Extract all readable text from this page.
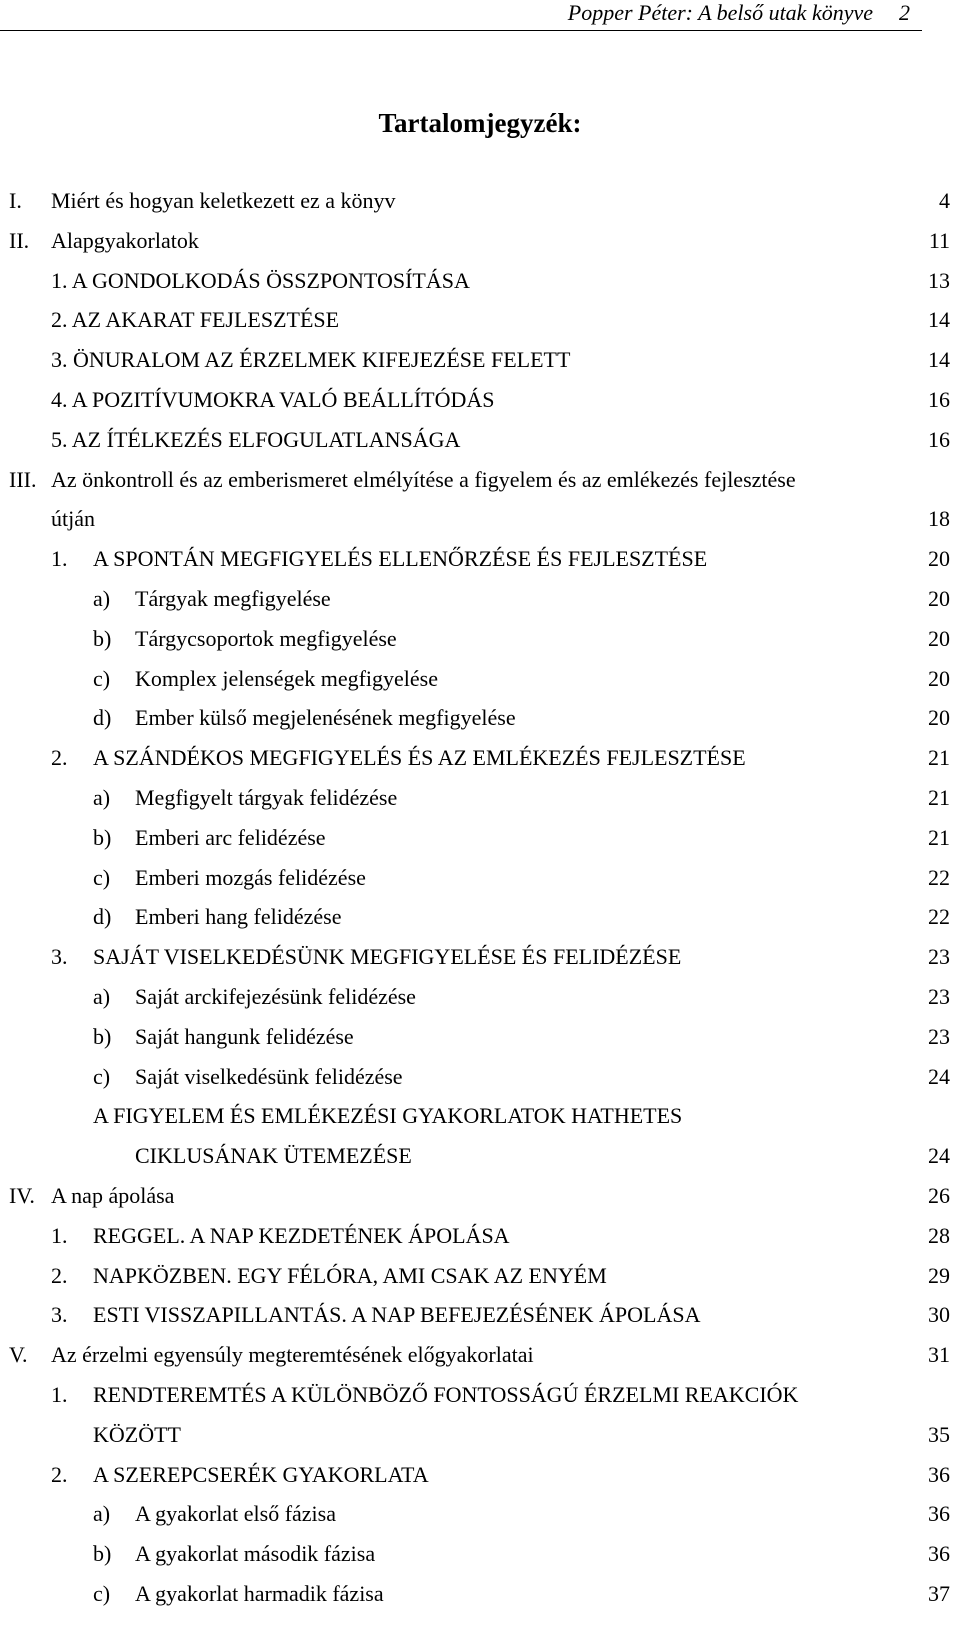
Popper Péter: A belső utak könyve 2
Tartalomjegyzék:
I. Miért és hogyan keletkezett ez a könyv	4
II. Alapgyakorlatok	11
1. A GONDOLKODÁS ÖSSZPONTOSÍTÁSA	13
2. AZ AKARAT FEJLESZTÉSE	14
3. ÖNURALOM AZ ÉRZELMEK KIFEJEZÉSE FELETT	14
4. A POZITÍVUMOKRA VALÓ BEÁLLÍTÓDÁS	16
5. AZ ÍTÉLKEZÉS ELFOGULATLANSÁGA	16
III. Az önkontroll és az emberismeret elmélyítése a figyelem és az emlékezés fejlesztése
útján	18
1. A SPONTÁN MEGFIGYELÉS ELLENŐRZÉSE ÉS FEJLESZTÉSE	20
a) Tárgyak megfigyelése	20
b) Tárgycsoportok megfigyelése	20
c) Komplex jelenségek megfigyelése	20
d) Ember külső megjelenésének megfigyelése	20
2. A SZÁNDÉKOS MEGFIGYELÉS ÉS AZ EMLÉKEZÉS FEJLESZTÉSE	21
a) Megfigyelt tárgyak felidézése	21
b) Emberi arc felidézése	21
c) Emberi mozgás felidézése	22
d) Emberi hang felidézése	22
3. SAJÁT VISELKEDÉSÜNK MEGFIGYELÉSE ÉS FELIDÉZÉSE	23
a) Saját arckifejezésünk felidézése	23
b) Saját hangunk felidézése	23
c) Saját viselkedésünk felidézése	24
A FIGYELEM ÉS EMLÉKEZÉSI GYAKORLATOK HATHETES
CIKLUSÁNAK ÜTEMEZÉSE	24
IV. A nap ápolása	26
1. REGGEL. A NAP KEZDETÉNEK ÁPOLÁSA	28
2. NAPKÖZBEN. EGY FÉLÓRA, AMI CSAK AZ ENYÉM	29
3. ESTI VISSZAPILLANTÁS. A NAP BEFEJEZÉSÉNEK ÁPOLÁSA	30
V. Az érzelmi egyensúly megteremtésének előgyakorlatai	31
1. RENDTEREMTÉS A KÜLÖNBÖZŐ FONTOSSÁGÚ ÉRZELMI REAKCIÓK
KÖZÖTT	35
2. A SZEREPCSERÉK GYAKORLATA	36
a) A gyakorlat első fázisa	36
b) A gyakorlat második fázisa	36
c) A gyakorlat harmadik fázisa	37
